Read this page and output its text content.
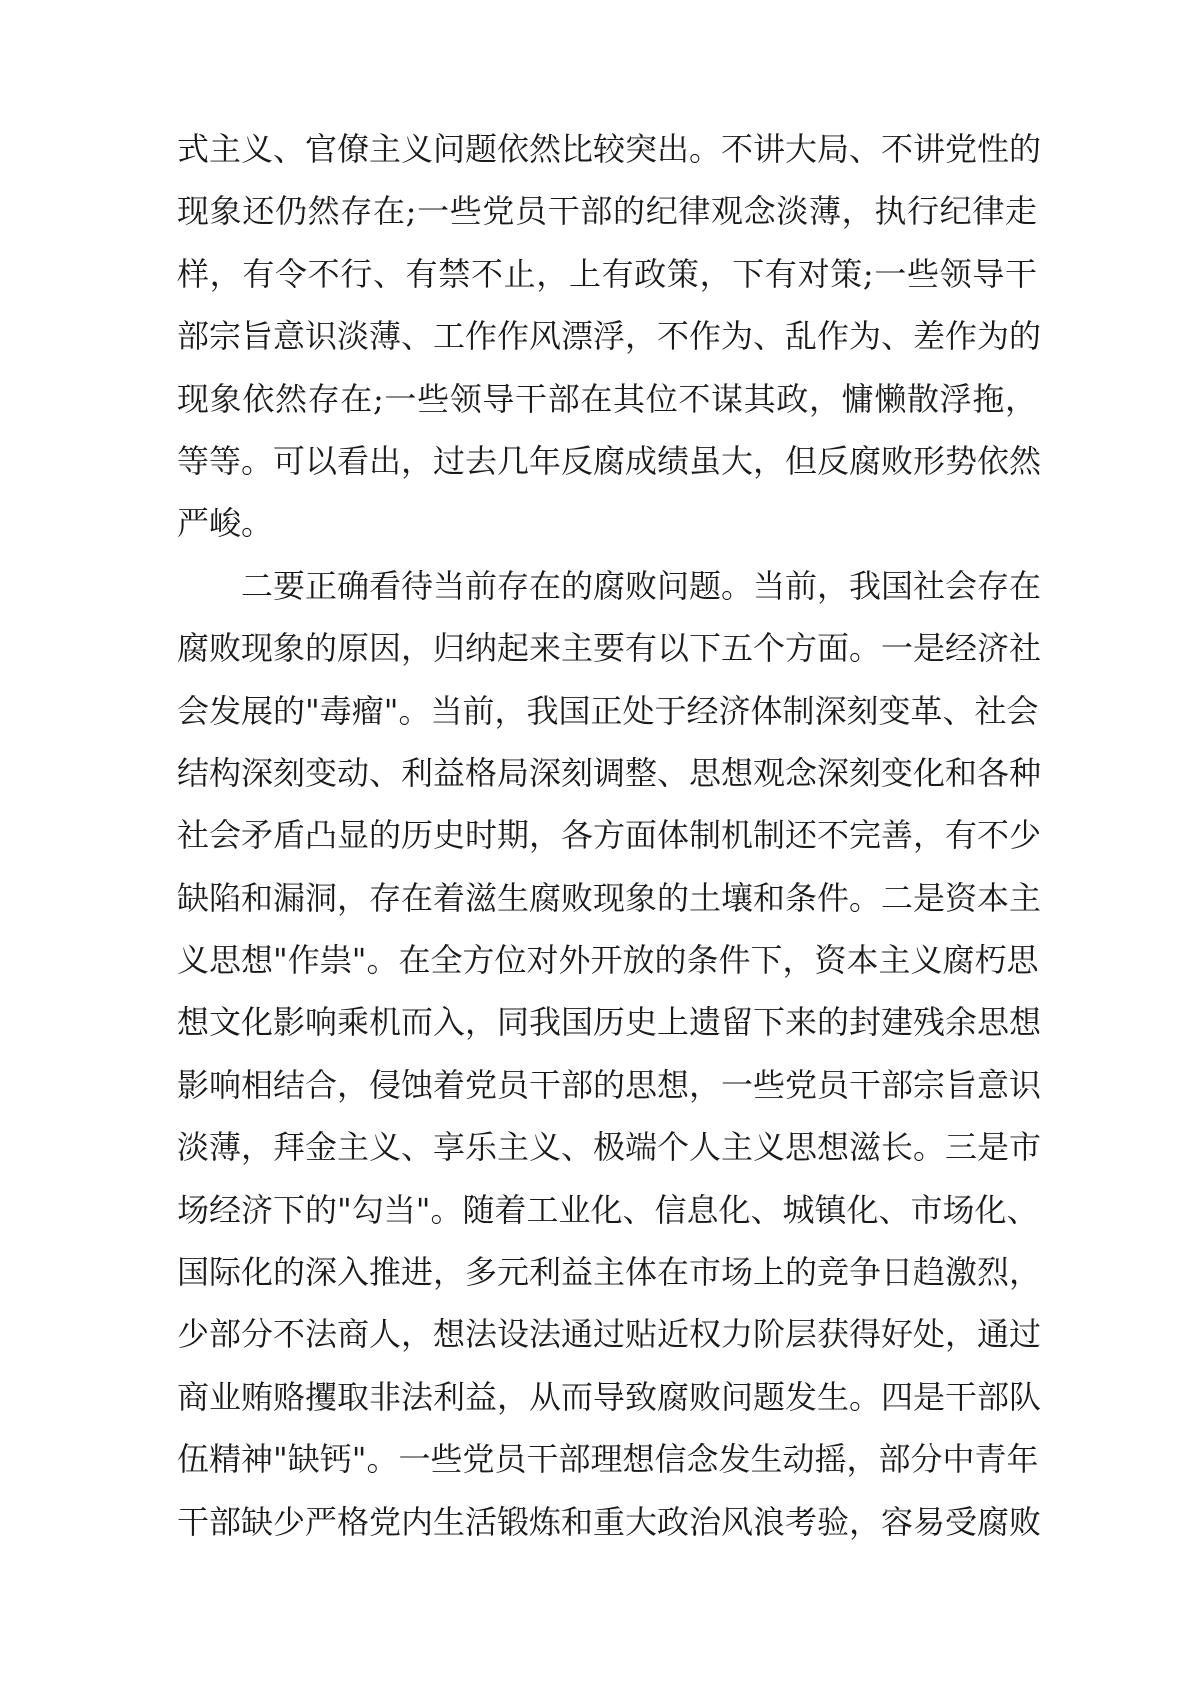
式主义、官僚主义问题依然比较突出。不讲大局、不讲党性的
现象还仍然存在;一些党员干部的纪律观念淡薄，执行纪律走
样，有令不行、有禁不止，上有政策，下有对策;一些领导干
部宗旨意识淡薄、工作作风漂浮，不作为、乱作为、差作为的
现象依然存在;一些领导干部在其位不谋其政，慵懒散浮拖，
等等。可以看出，过去几年反腐成绩虽大，但反腐败形势依然
严峻。
二要正确看待当前存在的腐败问题。当前，我国社会存在
腐败现象的原因，归纳起来主要有以下五个方面。一是经济社
会发展的"毒瘤"。当前，我国正处于经济体制深刻变革、社会
结构深刻变动、利益格局深刻调整、思想观念深刻变化和各种
社会矛盾凸显的历史时期，各方面体制机制还不完善，有不少
缺陷和漏洞，存在着滋生腐败现象的土壤和条件。二是资本主
义思想"作祟"。在全方位对外开放的条件下，资本主义腐朽思
想文化影响乘机而入，同我国历史上遗留下来的封建残余思想
影响相结合，侵蚀着党员干部的思想，一些党员干部宗旨意识
淡薄，拜金主义、享乐主义、极端个人主义思想滋长。三是市
场经济下的"勾当"。随着工业化、信息化、城镇化、市场化、
国际化的深入推进，多元利益主体在市场上的竞争日趋激烈，
少部分不法商人，想法设法通过贴近权力阶层获得好处，通过
商业贿赂攫取非法利益，从而导致腐败问题发生。四是干部队
伍精神"缺钙"。一些党员干部理想信念发生动摇，部分中青年
干部缺少严格党内生活锻炼和重大政治风浪考验，容易受腐败
